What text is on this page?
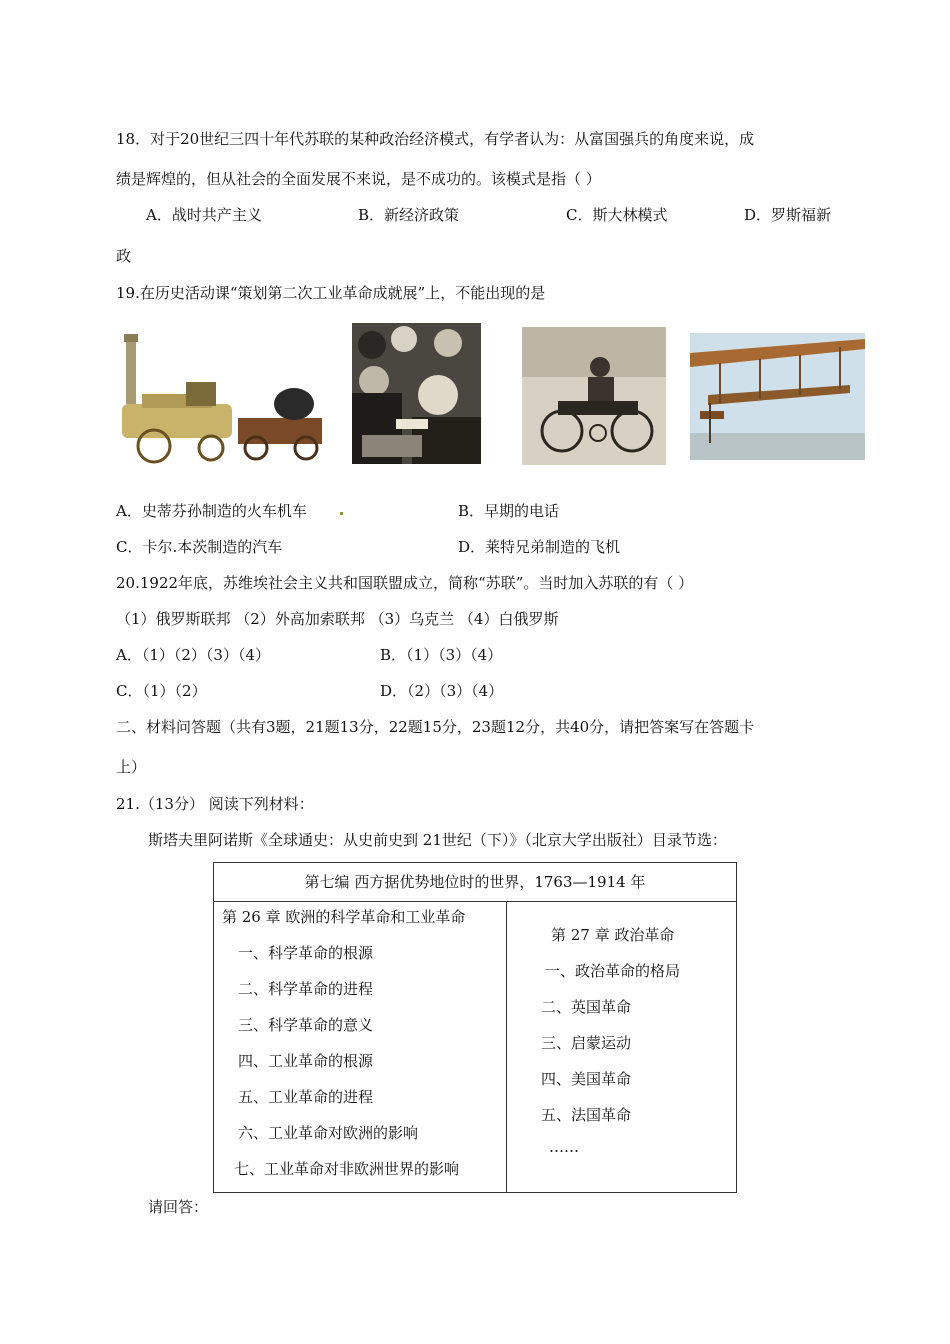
18．对于20世纪三四十年代苏联的某种政治经济模式，有学者认为：从富国强兵的角度来说，成
绩是辉煌的，但从社会的全面发展不来说，是不成功的。该模式是指（ ）
A．战时共产主义	B．新经济政策	C．斯大林模式	D．罗斯福新
政
19.在历史活动课“策划第二次工业革命成就展”上，不能出现的是
A．史蒂芬孙制造的火车机车	B．早期的电话
C．卡尔.本茨制造的汽车	D．莱特兄弟制造的飞机
20.1922年底，苏维埃社会主义共和国联盟成立，简称“苏联”。当时加入苏联的有（ ）
（1）俄罗斯联邦 （2）外高加索联邦 （3）乌克兰 （4）白俄罗斯
A．（1）（2）（3）（4）	B．（1）（3）（4）
C．（1）（2）	D．（2）（3）（4）
二、材料问答题（共有3题，21题13分，22题15分，23题12分，共40分，请把答案写在答题卡
上）
21.（13分） 阅读下列材料：
斯塔夫里阿诺斯《全球通史：从史前史到 21世纪（下）》（北京大学出版社）目录节选：
第七编 西方据优势地位时的世界，1763—1914 年

第 26 章 欧洲的科学革命和工业革命
一、科学革命的根源
二、科学革命的进程
三、科学革命的意义
四、工业革命的根源
五、工业革命的进程
六、工业革命对欧洲的影响
七、工业革命对非欧洲世界的影响

第 27 章 政治革命
一、政治革命的格局
二、英国革命
三、启蒙运动
四、美国革命
五、法国革命
……
请回答：
